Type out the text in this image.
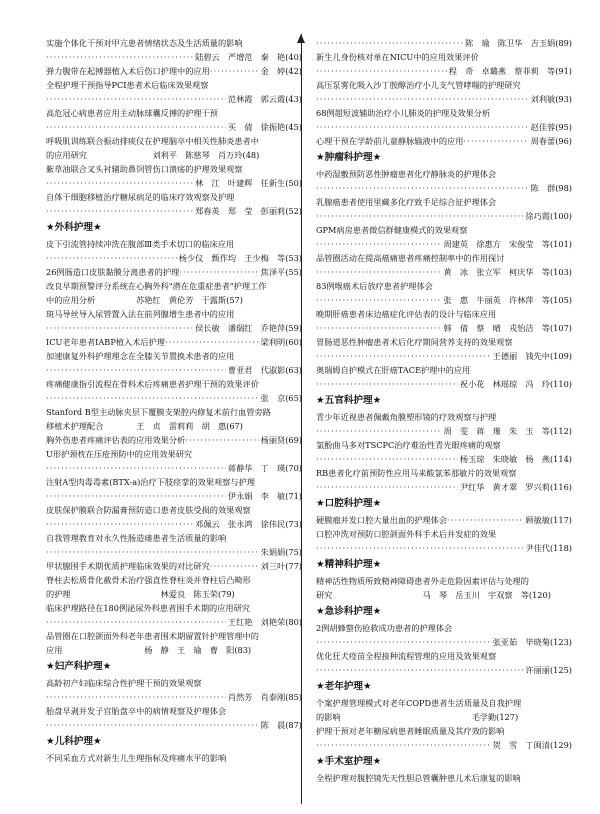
实施个体化干预对甲亢患者情绪状态及生活质量的影响
·····
陆碧云　严增范　秦　艳(40)
弹力腹带在起搏器植入术后伤口护理中的应用 ·····	金　婷(42)
全程护理干预指导PCI患者术后临床效果观察
·····
范林霞　郭云霞(43)
高危冠心病患者应用主动脉球囊反搏的护理干预
·····
买　倩　徐振艳(45)
呼吸肌训练联合振动排痰仪在护理脑卒中相关性肺炎患者中
的应用研究　　　　　　　　刘利平　陈慈琴　肖万玲(48)
紫草油联合叉头衬辅助鼻饲管伤口溃疡的护理效果观察
·····
林　江　叶建辉　任新生(50)
自体干细胞移植治疗糖尿病足的临床疗效观察及护理
·····
郑春英　郑　莹　彭丽莉(52)
★外科护理★
皮下引流管持续冲洗在腹部Ⅲ类手术切口的临床应用
·····
杨少仪　甄作均　王少梅　等(53)
26例肠造口皮肤黏膜分离患者的护理 ·····	焦泽平(55)
改良早期预警评分系统在心胸外科"潜在危重症患者"护理工作
中的应用分析　　　　　苏艳红　黄伦芳　于露斯(57)
斑马导丝导入尿管置入法在前列腺增生患者中的应用
·····
侯长敏　潘瑞红　乔艳萍(59)
ICU老年患者IABP植入术后护理 ·····	梁利明(60)
加速康复外科护理理念在全膝关节置换术患者的应用
·····
曹亚君　代淑影(63)
疼痛健康指引流程在骨科术后疼痛患者护理干预的效果评价
·····
张　京(65)
Stanford B型主动脉夹层下覆膜支架腔内修复术前行血管旁路
移植术护理配合　　　　王　贞　雷莉莉　胡　惠(67)
胸外伤患者疼痛评估表的应用效果分析 ·····	杨丽贤(69)
U形护颈枕在压疮预防中的应用效果研究
·····
蒋静华　丁　瑛(70)
注射A型肉毒毒素(BTX-a)治疗下肢痉挛的效果观察与护理
·····
伊永娟　李　敏(71)
皮肤保护膜联合防漏膏预防造口患者皮肤受损的效果观察
·····
邓佩云　张永鸿　徐伟民(73)
自我管理教育对永久性肠造瘘患者生活质量的影响
·····
朱娟娟(75)
甲状腺围手术期优质护理临床效果的对比研究 ·····	刘三叶(77)
脊柱去松质骨化截骨术治疗强直性脊柱炎并脊柱后凸畸形
的护理　　　　　　　　　　　林爱良　陈玉荣(79)
临床护理路径在180例泌尿外科患者围手术期的应用研究
·····
王红艳　刘艳荣(80)
品管圈在口腔颌面外科老年患者围术期留置针护理管理中的
应用　　　　　　　　　　杨　静　王　瑜　曹　阳(83)
★妇产科护理★
高龄初产妇临床综合性护理干预的效果观察
·····
肖然芳　肖泰刚(85)
胎盘早剥并发子宫胎盘卒中的病情观察及护理体会
·····
陈　晨(87)
★儿科护理★
不同采血方式对新生儿生理指标及疼痛水平的影响
·····
陈　瑜　陈卫华　吉玉娟(89)
新生儿身份核对单在NICU中的应用效果评价
·····
程　奇　卓璐燕　蔡菲莉　等(91)
高压泵雾化吸入沙丁胺醇治疗小儿支气管哮喘的护理研究
·····
刘利敏(93)
68例超短波辅助治疗小儿肺炎的护理及效果分析
·····
赵佳蓉(95)
心理干预在学龄前儿童静脉输液中的应用 ·····	周春蕾(96)
★肿瘤科护理★
中药湿敷预防恶性肿瘤患者化疗静脉炎的护理体会
·····
陈　群(98)
乳腺癌患者使用里藏多化疗致手足综合征护理体会
·····
徐巧霞(100)
GPM病房患者微信群健康模式的效果观察
·····
周建英　徐惠方　宋俊莹　等(101)
品管圈活动在提高癌痛患者疼痛控制率中的作用探讨
·····
黄　冰　张立军　柯庆华　等(103)
83例喉癌术后放疗患者护理体会
·····
张　惠　牛丽英　许林萍　等(105)
晚期肝癌患者床边癌症化评估表的设计与临床应用
·····
韩　倩　蔡　晴　戎怡洁　等(107)
胃肠道恶性肿瘤患者术后化疗期间营养支持的效果观察
·····
王德丽　钱先中(109)
奥瑞姆自护模式在肝癌TACE护理中的应用
·····
祝小花　林瑶琼　冯　玲(110)
★五官科护理★
青少年近视患者佩戴角膜塑形镜的疗效观察与护理
·····
周　雯　蒋　瑾　朱　玉　等(112)
氯酚曲马多对TSCPC治疗难治性青光眼疼痛的观察
·····
杨玉琼　朱晓敏　杨　燕(114)
RB患者化疗前预防性应用马来酸氯苯那敏片的效果观察
·····
尹红华　黄才翠　罗兴莉(116)
★口腔科护理★
硬膜瘤并发口腔大量出血的护理体会 ·····	顾敏敏(117)
口腔冲洗对预防口腔颌面外科手术后并发症的效果
·····
尹佳代(118)
★精神科护理★
精神活性物质所致精神障碍患者外走危险因素评估与处理的
研究　　　　　　　　　　　马　琴　岳玉川　宇双察　等(120)
★急诊科护理★
2例胡蜂螫伤抢救成功患者的护理体会
·····
张亚茹　毕晓菊(123)
优化狂犬疫苗全程接种流程管理的应用及效果观察
·····
许丽丽(125)
★老年护理★
个案护理管理模式对老年COPD患者生活质量及自我护理
的影响　　　　　　　　　　　　　　　　毛学勤(127)
护理干预对老年糖尿病患者睡眠质量及其疗效的影响
·····
贺　雪　丁闽清(129)
★手术室护理★
全程护理对腹腔镜先天性胆总管囊肿患儿术后康复的影响
